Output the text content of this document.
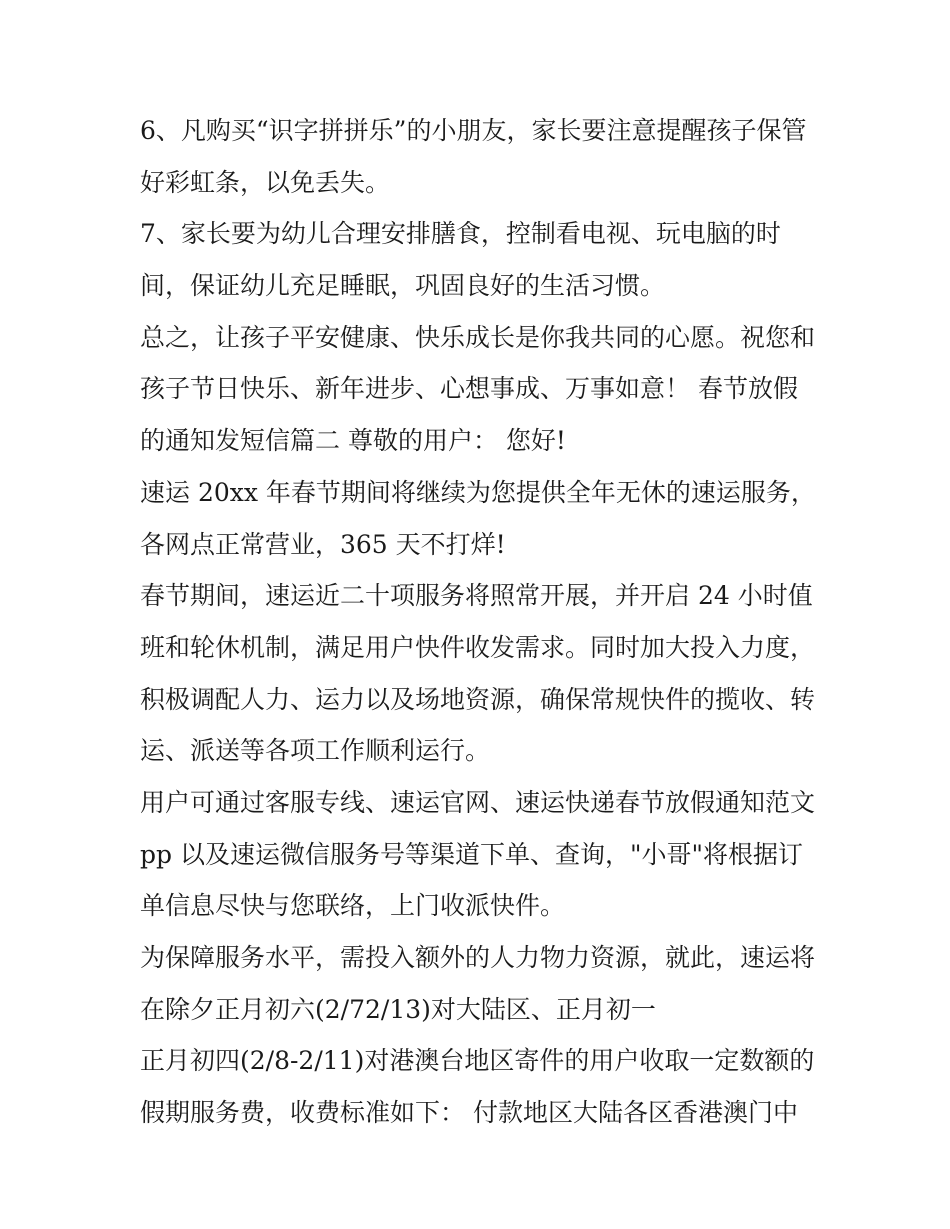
6、凡购买“识字拼拼乐”的小朋友，家长要注意提醒孩子保管
好彩虹条，以免丢失。
7、家长要为幼儿合理安排膳食，控制看电视、玩电脑的时
间，保证幼儿充足睡眠，巩固良好的生活习惯。
总之，让孩子平安健康、快乐成长是你我共同的心愿。祝您和
孩子节日快乐、新年进步、心想事成、万事如意！ 春节放假
的通知发短信篇二 尊敬的用户： 您好!
速运 20xx 年春节期间将继续为您提供全年无休的速运服务，
各网点正常营业，365 天不打烊!
春节期间，速运近二十项服务将照常开展，并开启 24 小时值
班和轮休机制，满足用户快件收发需求。同时加大投入力度，
积极调配人力、运力以及场地资源，确保常规快件的揽收、转
运、派送等各项工作顺利运行。
用户可通过客服专线、速运官网、速运快递春节放假通知范文
pp 以及速运微信服务号等渠道下单、查询，"小哥"将根据订
单信息尽快与您联络，上门收派快件。
为保障服务水平，需投入额外的人力物力资源，就此，速运将
在除夕正月初六(2/72/13)对大陆区、正月初一
正月初四(2/8-2/11)对港澳台地区寄件的用户收取一定数额的
假期服务费，收费标准如下： 付款地区大陆各区香港澳门中
